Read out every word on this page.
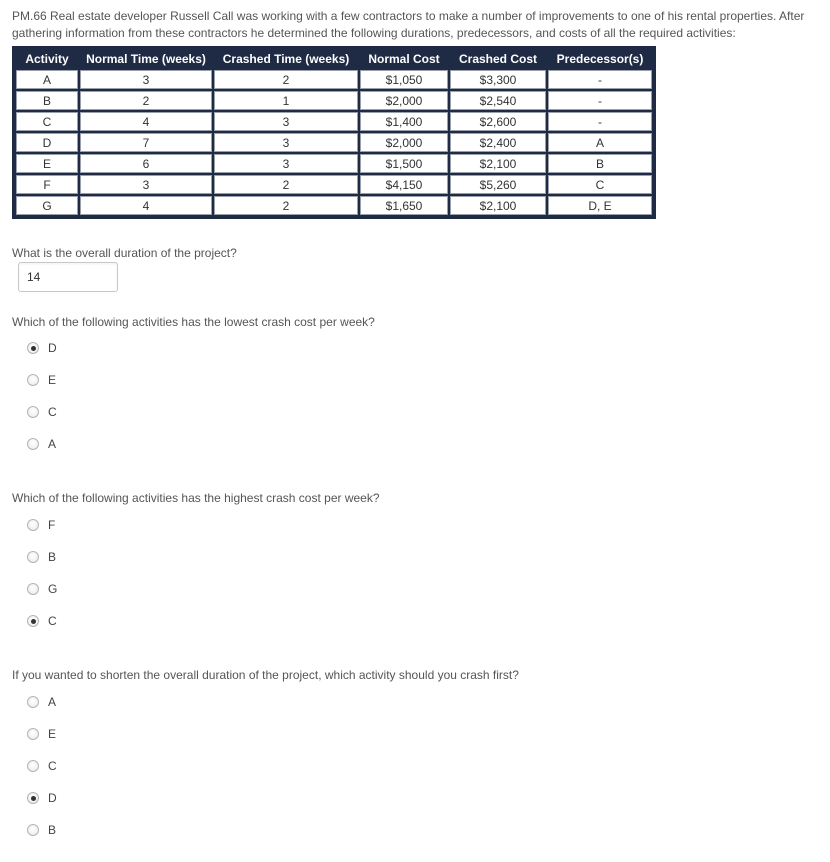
PM.66 Real estate developer Russell Call was working with a few contractors to make a number of improvements to one of his rental properties. After gathering information from these contractors he determined the following durations, predecessors, and costs of all the required activities:
Activity	Normal Time (weeks)	Crashed Time (weeks)	Normal Cost	Crashed Cost	Predecessor(s)
A	3	2	$1,050	$3,300	-
B	2	1	$2,000	$2,540	-
C	4	3	$1,400	$2,600	-
D	7	3	$2,000	$2,400	A
E	6	3	$1,500	$2,100	B
F	3	2	$4,150	$5,260	C
G	4	2	$1,650	$2,100	D, E
What is the overall duration of the project?
14
Which of the following activities has the lowest crash cost per week?
D
E
C
A
Which of the following activities has the highest crash cost per week?
F
B
G
C
If you wanted to shorten the overall duration of the project, which activity should you crash first?
A
E
C
D
B
